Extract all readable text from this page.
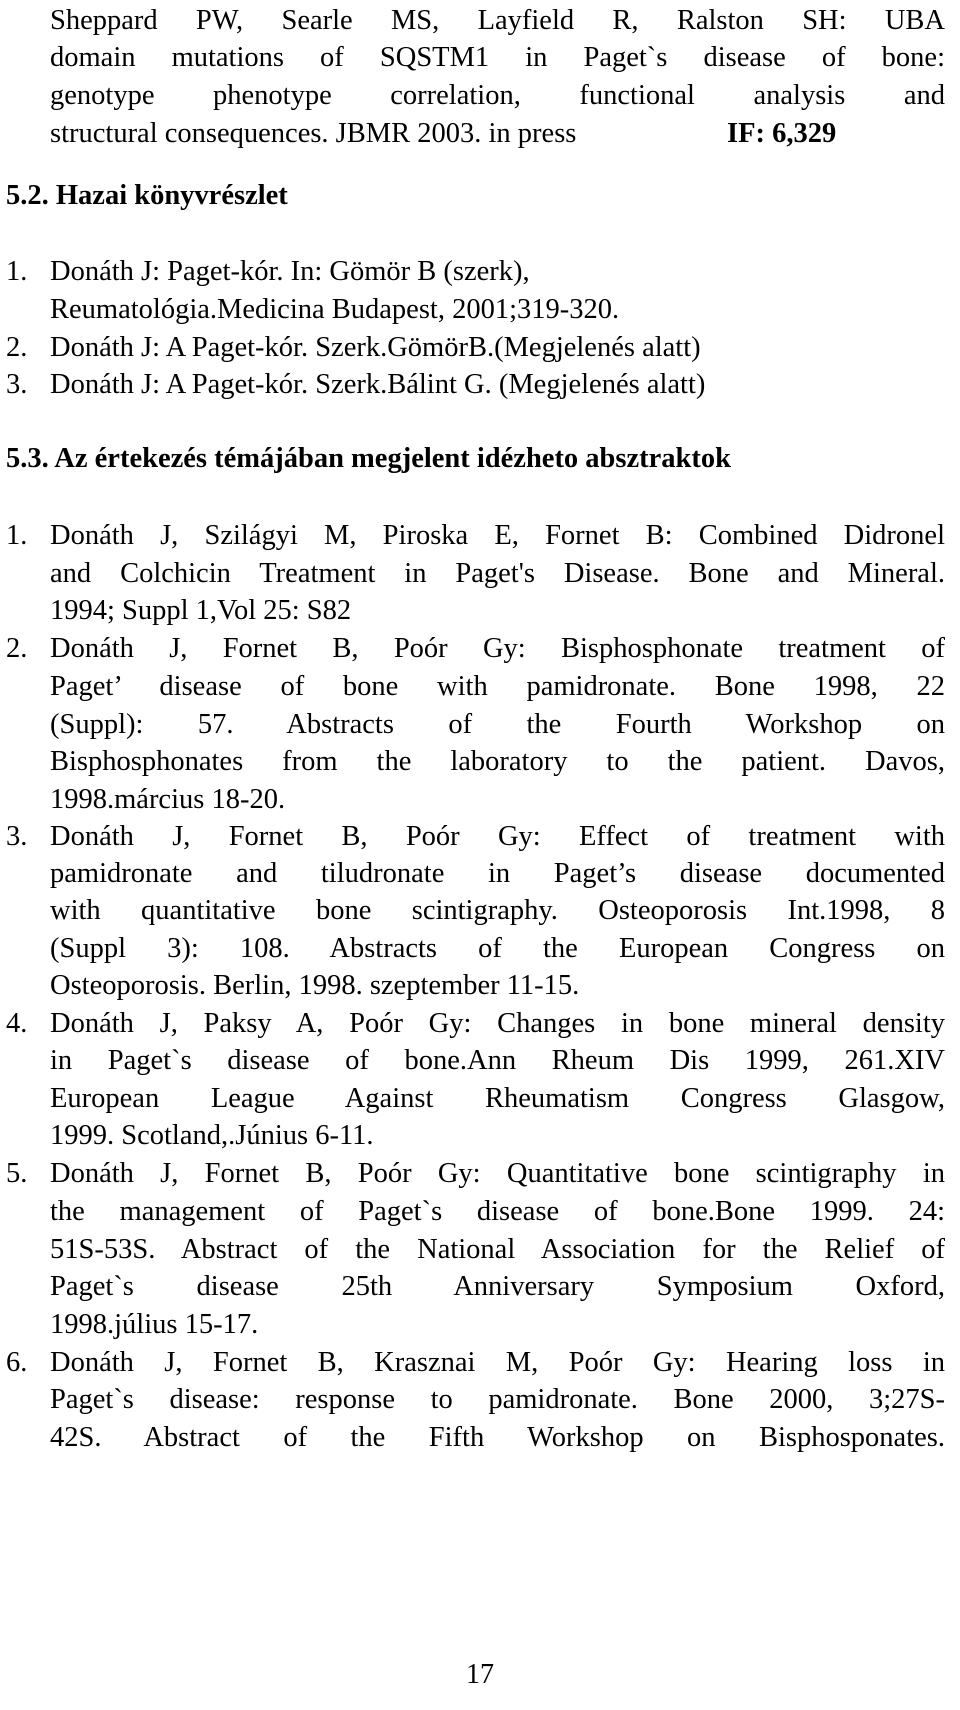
Sheppard PW, Searle MS, Layfield R, Ralston SH: UBA
domain mutations of SQSTM1 in Paget`s disease of bone:
genotype phenotype correlation, functional analysis and
structural consequences. JBMR 2003. in press	IF: 6,329
5.2. Hazai könyvrészlet
1. Donáth J: Paget-kór. In: Gömör B (szerk),
Reumatológia.Medicina Budapest, 2001;319-320.
2. Donáth J: A Paget-kór. Szerk.GömörB.(Megjelenés alatt)
3. Donáth J: A Paget-kór. Szerk.Bálint G. (Megjelenés alatt)
5.3. Az értekezés témájában megjelent idézheto absztraktok
1. Donáth J, Szilágyi M, Piroska E, Fornet B: Combined Didronel
and Colchicin Treatment in Paget's Disease. Bone and Mineral.
1994; Suppl 1,Vol 25: S82
2. Donáth J, Fornet B, Poór Gy: Bisphosphonate treatment of
Paget’ disease of bone with pamidronate. Bone 1998, 22
(Suppl): 57. Abstracts of the Fourth Workshop on
Bisphosphonates from the laboratory to the patient. Davos,
1998.március 18-20.
3. Donáth J, Fornet B, Poór Gy: Effect of treatment with
pamidronate and tiludronate in Paget’s disease documented
with quantitative bone scintigraphy. Osteoporosis Int.1998, 8
(Suppl 3): 108. Abstracts of the European Congress on
Osteoporosis. Berlin, 1998. szeptember 11-15.
4. Donáth J, Paksy A, Poór Gy: Changes in bone mineral density
in Paget`s disease of bone.Ann Rheum Dis 1999, 261.XIV
European League Against Rheumatism Congress Glasgow,
1999. Scotland,.Június 6-11.
5. Donáth J, Fornet B, Poór Gy: Quantitative bone scintigraphy in
the management of Paget`s disease of bone.Bone 1999. 24:
51S-53S. Abstract of the National Association for the Relief of
Paget`s disease 25th Anniversary Symposium Oxford,
1998.július 15-17.
6. Donáth J, Fornet B, Krasznai M, Poór Gy: Hearing loss in
Paget`s disease: response to pamidronate. Bone 2000, 3;27S-
42S. Abstract of the Fifth Workshop on Bisphosponates.
17
